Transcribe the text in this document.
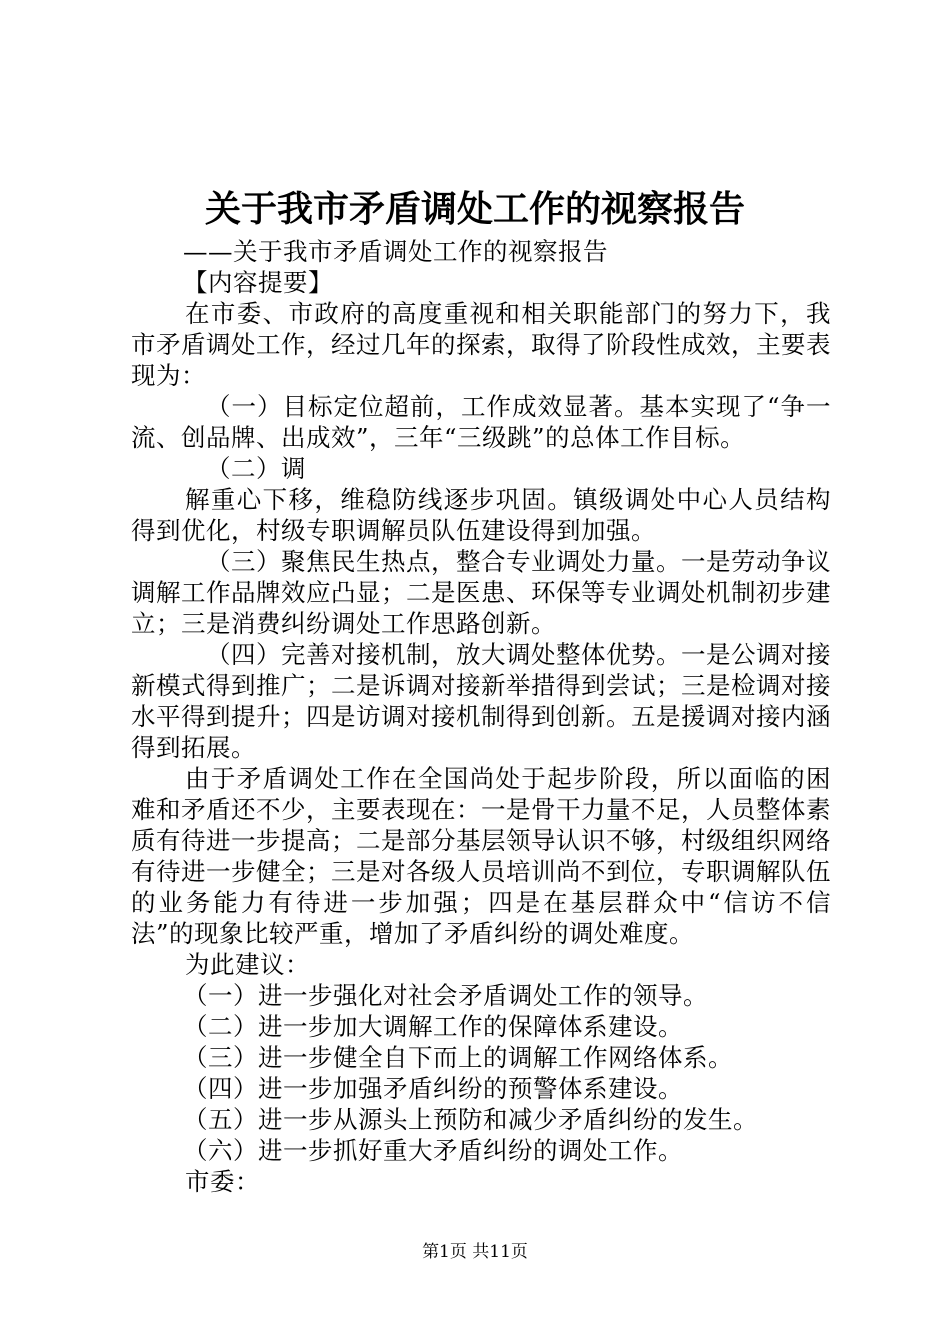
关于我市矛盾调处工作的视察报告

——关于我市矛盾调处工作的视察报告

【内容提要】

在市委、市政府的高度重视和相关职能部门的努力下，我市矛盾调处工作，经过几年的探索，取得了阶段性成效，主要表现为：

（一）目标定位超前，工作成效显著。基本实现了“争一流、创品牌、出成效”，三年“三级跳”的总体工作目标。

（二）调

解重心下移，维稳防线逐步巩固。镇级调处中心人员结构得到优化，村级专职调解员队伍建设得到加强。

（三）聚焦民生热点，整合专业调处力量。一是劳动争议调解工作品牌效应凸显；二是医患、环保等专业调处机制初步建立；三是消费纠纷调处工作思路创新。

（四）完善对接机制，放大调处整体优势。一是公调对接新模式得到推广；二是诉调对接新举措得到尝试；三是检调对接水平得到提升；四是访调对接机制得到创新。五是援调对接内涵得到拓展。

由于矛盾调处工作在全国尚处于起步阶段，所以面临的困难和矛盾还不少，主要表现在：一是骨干力量不足，人员整体素质有待进一步提高；二是部分基层领导认识不够，村级组织网络有待进一步健全；三是对各级人员培训尚不到位，专职调解队伍的业务能力有待进一步加强；四是在基层群众中“信访不信法”的现象比较严重，增加了矛盾纠纷的调处难度。

为此建议：

（一）进一步强化对社会矛盾调处工作的领导。

（二）进一步加大调解工作的保障体系建设。

（三）进一步健全自下而上的调解工作网络体系。

（四）进一步加强矛盾纠纷的预警体系建设。

（五）进一步从源头上预防和减少矛盾纠纷的发生。

（六）进一步抓好重大矛盾纠纷的调处工作。

市委：

第1页 共11页
